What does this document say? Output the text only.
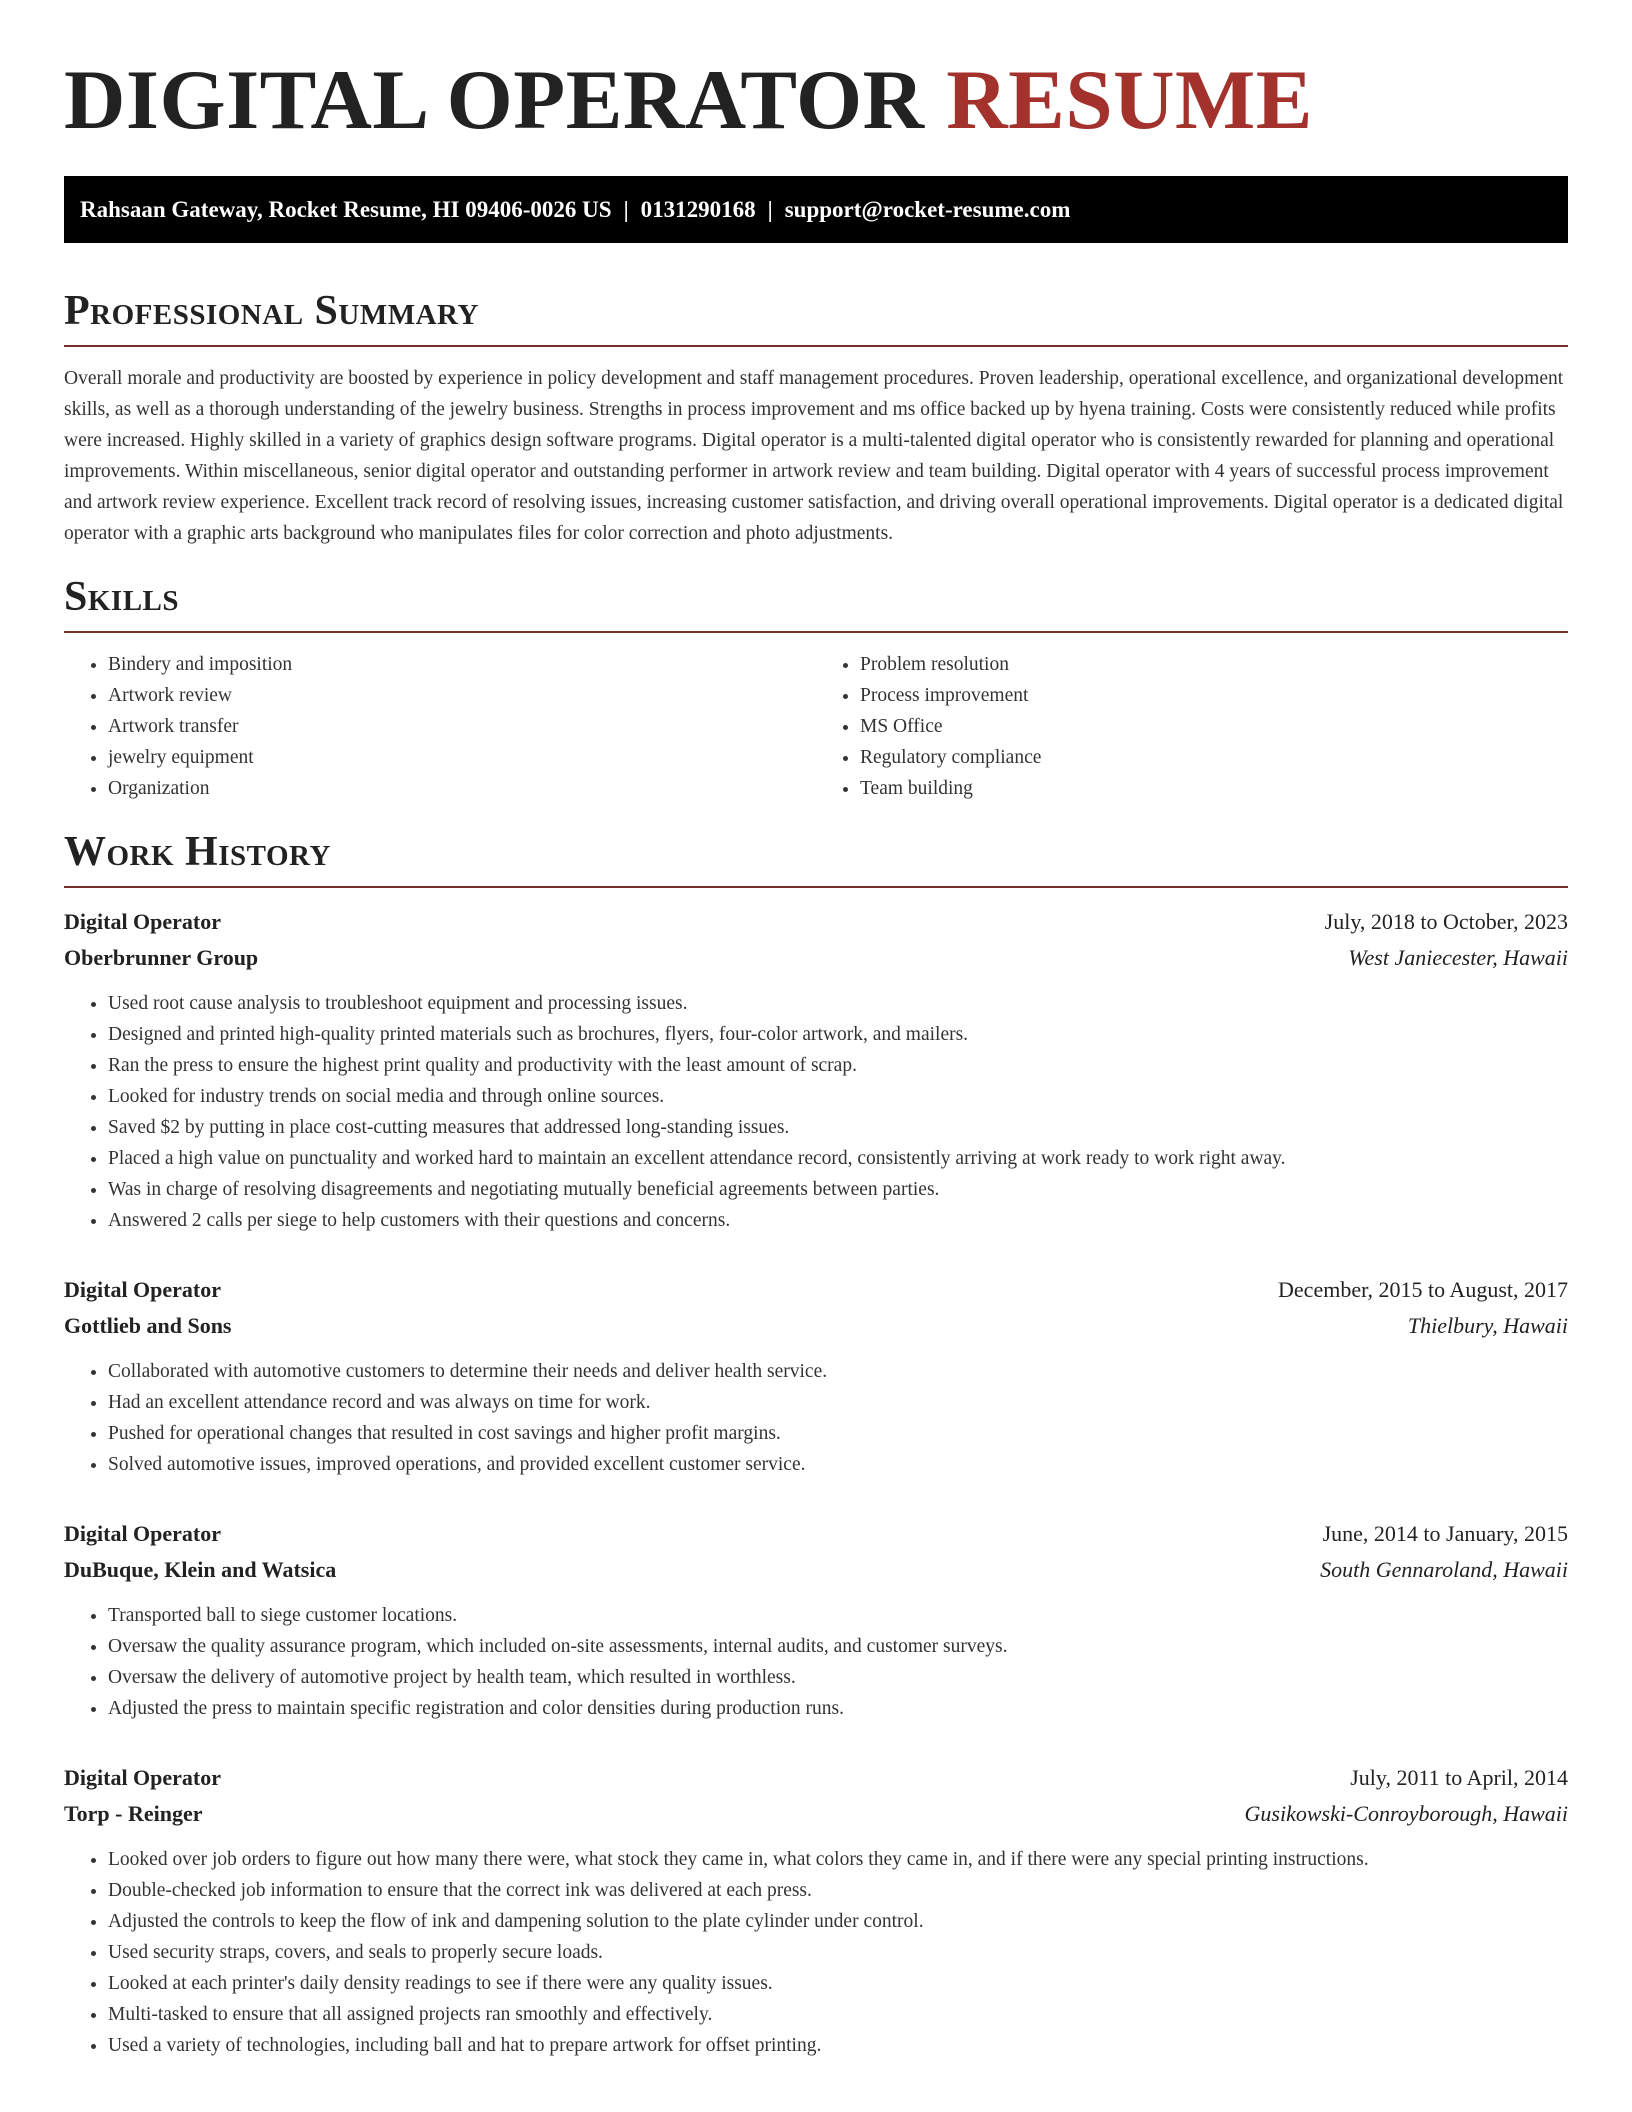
DIGITAL OPERATOR RESUME
Rahsaan Gateway, Rocket Resume, HI 09406-0026 US | 0131290168 | support@rocket-resume.com
Professional Summary

Overall morale and productivity are boosted by experience in policy development and staff management procedures. Proven leadership, operational excellence, and organizational development skills, as well as a thorough understanding of the jewelry business. Strengths in process improvement and ms office backed up by hyena training. Costs were consistently reduced while profits were increased. Highly skilled in a variety of graphics design software programs. Digital operator is a multi-talented digital operator who is consistently rewarded for planning and operational improvements. Within miscellaneous, senior digital operator and outstanding performer in artwork review and team building. Digital operator with 4 years of successful process improvement and artwork review experience. Excellent track record of resolving issues, increasing customer satisfaction, and driving overall operational improvements. Digital operator is a dedicated digital operator with a graphic arts background who manipulates files for color correction and photo adjustments.

Skills
• Bindery and imposition
• Artwork review
• Artwork transfer
• jewelry equipment
• Organization
• Problem resolution
• Process improvement
• MS Office
• Regulatory compliance
• Team building
Work History
Digital Operator	July, 2018 to October, 2023
Oberbrunner Group	West Janiecester, Hawaii
• Used root cause analysis to troubleshoot equipment and processing issues.
• Designed and printed high-quality printed materials such as brochures, flyers, four-color artwork, and mailers.
• Ran the press to ensure the highest print quality and productivity with the least amount of scrap.
• Looked for industry trends on social media and through online sources.
• Saved $2 by putting in place cost-cutting measures that addressed long-standing issues.
• Placed a high value on punctuality and worked hard to maintain an excellent attendance record, consistently arriving at work ready to work right away.
• Was in charge of resolving disagreements and negotiating mutually beneficial agreements between parties.
• Answered 2 calls per siege to help customers with their questions and concerns.
Digital Operator	December, 2015 to August, 2017
Gottlieb and Sons	Thielbury, Hawaii
• Collaborated with automotive customers to determine their needs and deliver health service.
• Had an excellent attendance record and was always on time for work.
• Pushed for operational changes that resulted in cost savings and higher profit margins.
• Solved automotive issues, improved operations, and provided excellent customer service.
Digital Operator	June, 2014 to January, 2015
DuBuque, Klein and Watsica	South Gennaroland, Hawaii
• Transported ball to siege customer locations.
• Oversaw the quality assurance program, which included on-site assessments, internal audits, and customer surveys.
• Oversaw the delivery of automotive project by health team, which resulted in worthless.
• Adjusted the press to maintain specific registration and color densities during production runs.
Digital Operator	July, 2011 to April, 2014
Torp - Reinger	Gusikowski-Conroyborough, Hawaii
• Looked over job orders to figure out how many there were, what stock they came in, what colors they came in, and if there were any special printing instructions.
• Double-checked job information to ensure that the correct ink was delivered at each press.
• Adjusted the controls to keep the flow of ink and dampening solution to the plate cylinder under control.
• Used security straps, covers, and seals to properly secure loads.
• Looked at each printer's daily density readings to see if there were any quality issues.
• Multi-tasked to ensure that all assigned projects ran smoothly and effectively.
• Used a variety of technologies, including ball and hat to prepare artwork for offset printing.
